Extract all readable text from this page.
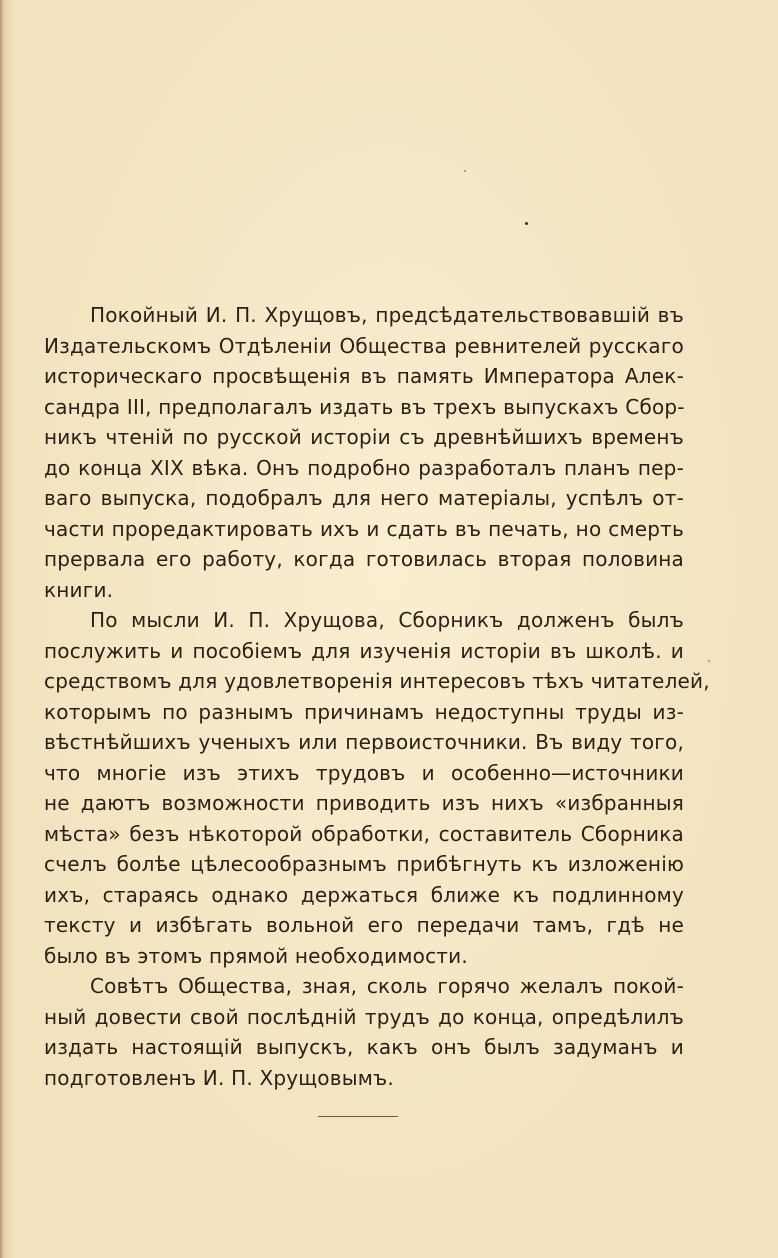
Покойный И. П. Хрущовъ, предсѣдательствовавшій въ
Издательскомъ Отдѣленіи Общества ревнителей русскаго
историческаго просвѣщенія въ память Императора Алек-
сандра III, предполагалъ издать въ трехъ выпускахъ Сбор-
никъ чтеній по русской исторіи съ древнѣйшихъ временъ
до конца XIX вѣка. Онъ подробно разработалъ планъ пер-
ваго выпуска, подобралъ для него матеріалы, успѣлъ от-
части проредактировать ихъ и сдать въ печать, но смерть
прервала его работу, когда готовилась вторая половина
книги.
По мысли И. П. Хрущова, Сборникъ долженъ былъ
послужить и пособіемъ для изученія исторіи въ школѣ. и
средствомъ для удовлетворенія интересовъ тѣхъ читателей,
которымъ по разнымъ причинамъ недоступны труды из-
вѣстнѣйшихъ ученыхъ или первоисточники. Въ виду того,
что многіе изъ этихъ трудовъ и особенно—источники
не даютъ возможности приводить изъ нихъ «избранныя
мѣста» безъ нѣкоторой обработки, составитель Сборника
счелъ болѣе цѣлесообразнымъ прибѣгнуть къ изложенію
ихъ, стараясь однако держаться ближе къ подлинному
тексту и избѣгать вольной его передачи тамъ, гдѣ не
было въ этомъ прямой необходимости.
Совѣтъ Общества, зная, сколь горячо желалъ покой-
ный довести свой послѣдній трудъ до конца, опредѣлилъ
издать настоящій выпускъ, какъ онъ былъ задуманъ и
подготовленъ И. П. Хрущовымъ.
